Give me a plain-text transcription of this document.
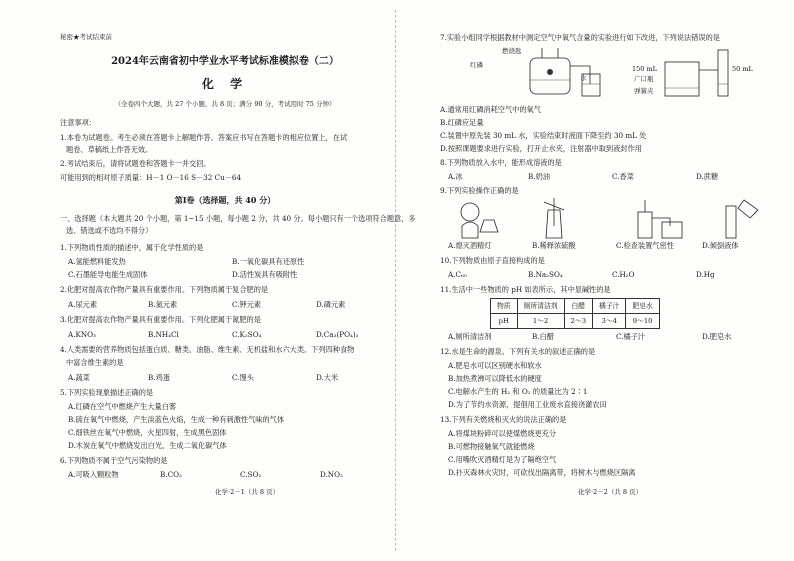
秘密★考试结束前
2024年云南省初中学业水平考试标准模拟卷（二）
化 学
（全卷四个大题，共 27 个小题，共 8 页；满分 90 分，考试用时 75 分钟）
注意事项：
1.本卷为试题卷。考生必须在答题卡上解题作答。答案应书写在答题卡的相应位置上，在试
题卷、草稿纸上作答无效。
2.考试结束后，请将试题卷和答题卡一并交回。
可能用到的相对原子质量：H－1 O－16 S－32 Cu－64
第Ⅰ卷（选择题，共 40 分）
一、选择题（本大题共 20 个小题，第 1~15 小题，每小题 2 分，共 40 分。每小题只有一个选项符合题意，多
选、错选或不选均不得分）
1.下列物质性质的描述中，属于化学性质的是
A.氢能燃料能发热	B.一氧化碳具有还原性
C.石墨能导电能生成固体	D.活性炭具有吸附性
2.化肥对提高农作物产量具有重要作用。下列物质属于复合肥的是
A.尿元素	B.氮元素	C.钾元素	D.磷元素
3.化肥对提高农作物产量具有重要作用。下列化肥属于氮肥的是
A.KNO₃	B.NH₄Cl	C.K₂SO₄	D.Ca₃(PO₄)₂
4.人类需要的营养物质包括蛋白质、糖类、油脂、维生素、无机盐和水六大类。下列四种食物
中富含维生素的是
A.蔬菜	B.鸡蛋	C.馒头	D.大米
5.下列实验现象描述正确的是
A.红磷在空气中燃烧产生大量白雾
B.硫在氧气中燃烧，产生淡蓝色火焰，生成一种有刺激性气味的气体
C.细铁丝在氧气中燃烧，火星四射，生成黑色固体
D.木炭在氧气中燃烧发出白光，生成二氧化碳气体
6.下列物质不属于空气污染物的是
A.可吸入颗粒物	B.CO₂	C.SO₂	D.NO₂
化学·2－1（共 8 页）
7.实验小组同学根据教材中测定空气中氧气含量的实验进行如下改进，下列说法错误的是
燃烧匙
红磷
水
150 mL
广口瓶
弹簧夹
50 mL
A.通常用红磷消耗空气中的氧气
B.红磷应足量
C.装置中原先装 30 mL 水，实验结束时液面下降至约 30 mL 处
D.按照课题要求进行实验，打开止水夹，注射器中取到液封作用
8.下列物质放入水中，能形成溶液的是
A.冰	B.奶油	C.香菜	D.蔗糖
9.下列实验操作正确的是
A.熄灭酒精灯	B.稀释浓硫酸	C.检查装置气密性	D.倾倒液体
10.下列物质由原子直接构成的是
A.C₆₀	B.Na₂SO₄	C.H₂O	D.Hg
11.生活中一些物质的 pH 如表所示，其中显碱性的是
物质	厕所清洁剂	白醋	橘子汁	肥皂水
pH	1～2	2～3	3～4	9～10
A.厕所清洁剂	B.白醋	C.橘子汁	D.肥皂水
12.水是生命的源泉。下列有关水的叙述正确的是
A.肥皂水可以区别硬水和软水
B.加热煮沸可以降低水的硬度
C.电解水产生的 H₂ 和 O₂ 的质量比为 2∶1
D.为了节约水资源，提倡用工业废水直接浇灌农田
13.下列有关燃烧和灭火的说法正确的是
A.将煤块粉碎可以使煤燃烧更充分
B.可燃物接触氧气就能燃烧
C.用嘴吹灭酒精灯是为了隔绝空气
D.扑灭森林火灾时，可砍伐出隔离带，将树木与燃烧区隔离
化学·2－2（共 8 页）
